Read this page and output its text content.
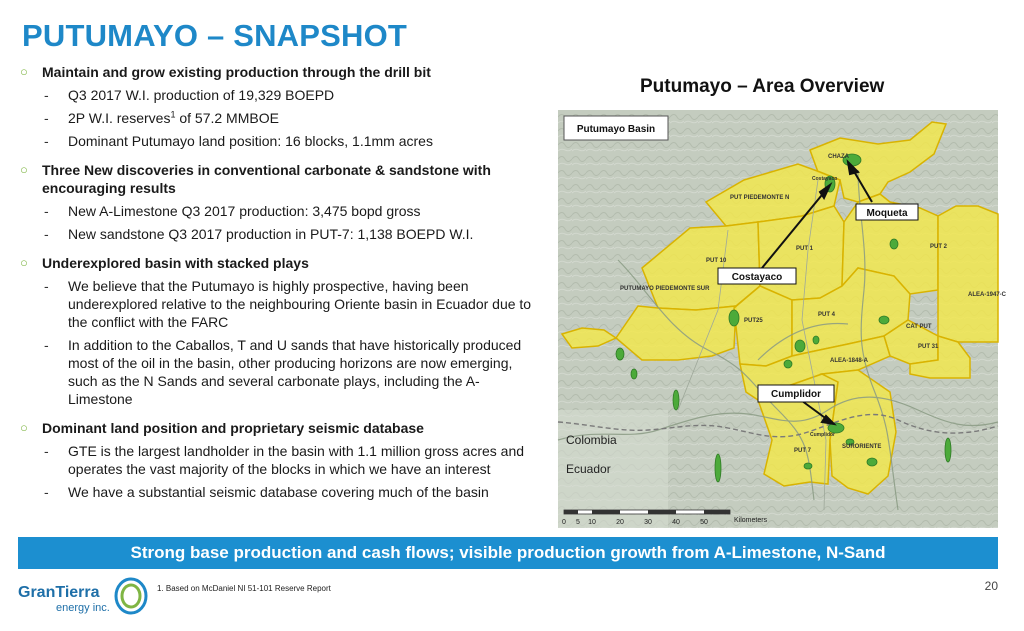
PUTUMAYO – SNAPSHOT
○	Maintain and grow existing production through the drill bit
-	Q3 2017 W.I. production of 19,329 BOEPD
-	2P W.I. reserves$^1$ of 57.2 MMBOE
-	Dominant Putumayo land position: 16 blocks, 1.1mm acres
○	Three New discoveries in conventional carbonate & sandstone with encouraging results
-	New A-Limestone Q3 2017 production: 3,475 bopd gross
-	New sandstone Q3 2017 production in PUT-7: 1,138 BOEPD W.I.
○	Underexplored basin with stacked plays
-	We believe that the Putumayo is highly prospective, having been underexplored relative to the neighbouring Oriente basin in Ecuador due to the conflict with the FARC
-	In addition to the Caballos, T and U sands that have historically produced most of the oil in the basin, other producing horizons are now emerging, such as the N Sands and several carbonate plays, including the A-Limestone
○	Dominant land position and proprietary seismic database
-	GTE is the largest landholder in the basin with 1.1 million gross acres and operates the vast majority of the blocks in which we have an interest
-	We have a substantial seismic database covering much of the basin
Putumayo – Area Overview
CHAZA
PUT PIEDEMONTE N
PUT 10
PUT 1	PUT 2
ALEA-1947-C
PUTUMAYO PIEDEMONTE SUR
PUT25
PUT 4
CAT PUT
PUT 31
ALEA-1848-A
PUT 7
SURORIENTE
Cumplidor
Costayaco
Moqueta
Costayaco
Cumplidor
Putumayo Basin
Colombia
Ecuador
0 5 10	20	30	40	50	Kilometers
Strong base production and cash flows; visible production growth from A-Limestone, N-Sand
GranTierra
energy inc.
1. Based on McDaniel NI 51-101 Reserve Report	20
